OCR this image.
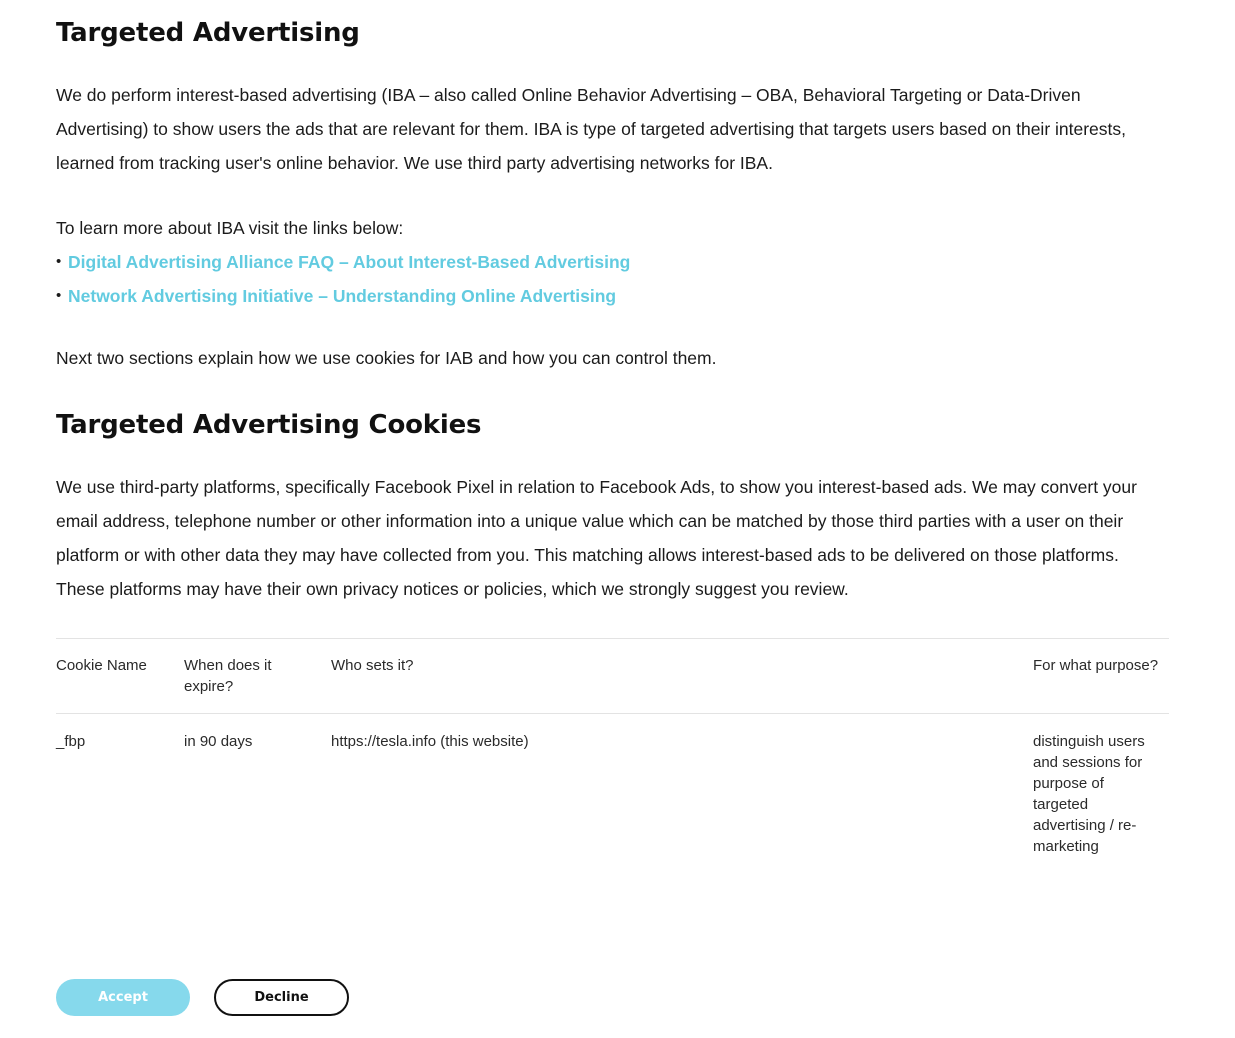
Targeted Advertising

We do perform interest-based advertising (IBA – also called Online Behavior Advertising – OBA, Behavioral Targeting or Data-Driven Advertising) to show users the ads that are relevant for them. IBA is type of targeted advertising that targets users based on their interests, learned from tracking user's online behavior. We use third party advertising networks for IBA.

To learn more about IBA visit the links below:

• Digital Advertising Alliance FAQ – About Interest-Based Advertising
• Network Advertising Initiative – Understanding Online Advertising

Next two sections explain how we use cookies for IAB and how you can control them.

Targeted Advertising Cookies

We use third-party platforms, specifically Facebook Pixel in relation to Facebook Ads, to show you interest-based ads. We may convert your email address, telephone number or other information into a unique value which can be matched by those third parties with a user on their platform or with other data they may have collected from you. This matching allows interest-based ads to be delivered on those platforms. These platforms may have their own privacy notices or policies, which we strongly suggest you review.

Cookie Name	When does it expire?	Who sets it?	For what purpose?
_fbp	in 90 days	https://tesla.info (this website)	distinguish users and sessions for purpose of targeted advertising / re-marketing
Accept	Decline
